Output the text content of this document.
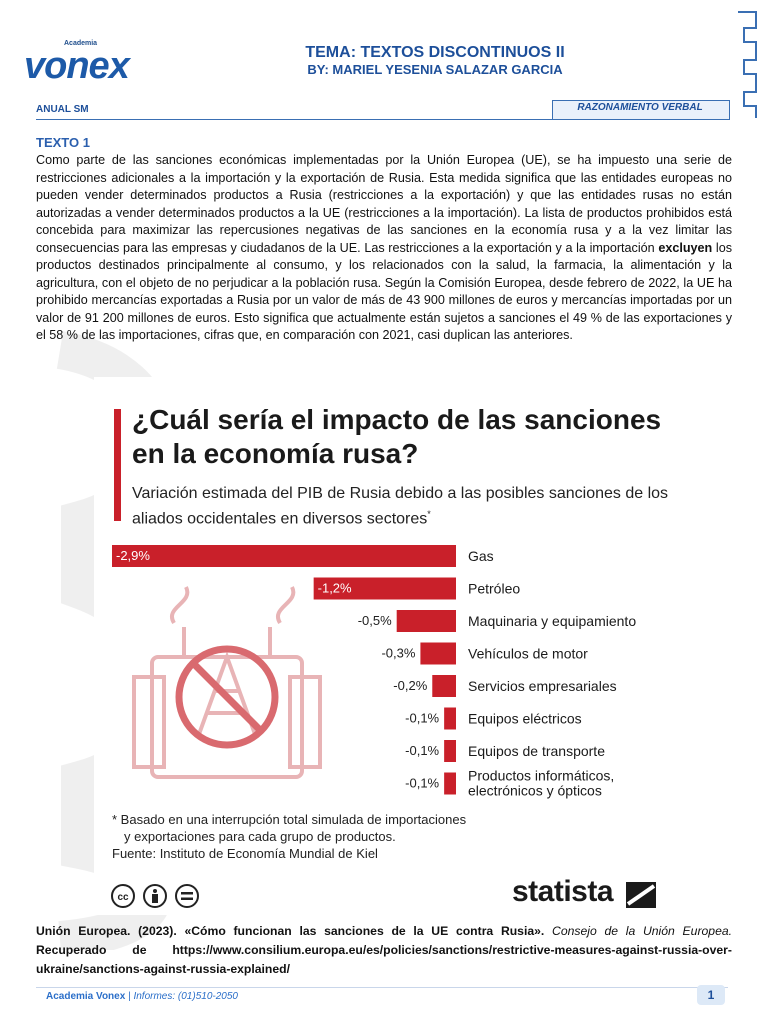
Academia
vonex	TEMA: TEXTOS DISCONTINUOS II
BY: MARIEL YESENIA SALAZAR GARCIA
ANUAL SM	RAZONAMIENTO VERBAL
TEXTO 1
Como parte de las sanciones económicas implementadas por la Unión Europea (UE), se ha impuesto una serie de restricciones adicionales a la importación y la exportación de Rusia. Esta medida significa que las entidades europeas no pueden vender determinados productos a Rusia (restricciones a la exportación) y que las entidades rusas no están autorizadas a vender determinados productos a la UE (restricciones a la importación). La lista de productos prohibidos está concebida para maximizar las repercusiones negativas de las sanciones en la economía rusa y a la vez limitar las consecuencias para las empresas y ciudadanos de la UE. Las restricciones a la exportación y a la importación excluyen los productos destinados principalmente al consumo, y los relacionados con la salud, la farmacia, la alimentación y la agricultura, con el objeto de no perjudicar a la población rusa. Según la Comisión Europea, desde febrero de 2022, la UE ha prohibido mercancías exportadas a Rusia por un valor de más de 43 900 millones de euros y mercancías importadas por un valor de 91 200 millones de euros. Esto significa que actualmente están sujetos a sanciones el 49 % de las exportaciones y el 58 % de las importaciones, cifras que, en comparación con 2021, casi duplican las anteriores.
¿Cuál sería el impacto de las sanciones en la economía rusa?
Variación estimada del PIB de Rusia debido a las posibles sanciones de los aliados occidentales en diversos sectores*
-2,9%	Gas
-1,2%	Petróleo
-0,5%	Maquinaria y equipamiento
-0,3%	Vehículos de motor
-0,2%	Servicios empresariales
-0,1% Equipos eléctricos
-0,1% Equipos de transporte
-0,1% Productos informáticos, electrónicos y ópticos
* Basado en una interrupción total simulada de importaciones
y exportaciones para cada grupo de productos.
Fuente: Instituto de Economía Mundial de Kiel
cc	statista
Unión Europea. (2023). «Cómo funcionan las sanciones de la UE contra Rusia». Consejo de la Unión Europea. Recuperado de https://www.consilium.europa.eu/es/policies/sanctions/restrictive-measures-against-russia-over-ukraine/sanctions-against-russia-explained/
Academia Vonex | Informes: (01)510-2050	1
